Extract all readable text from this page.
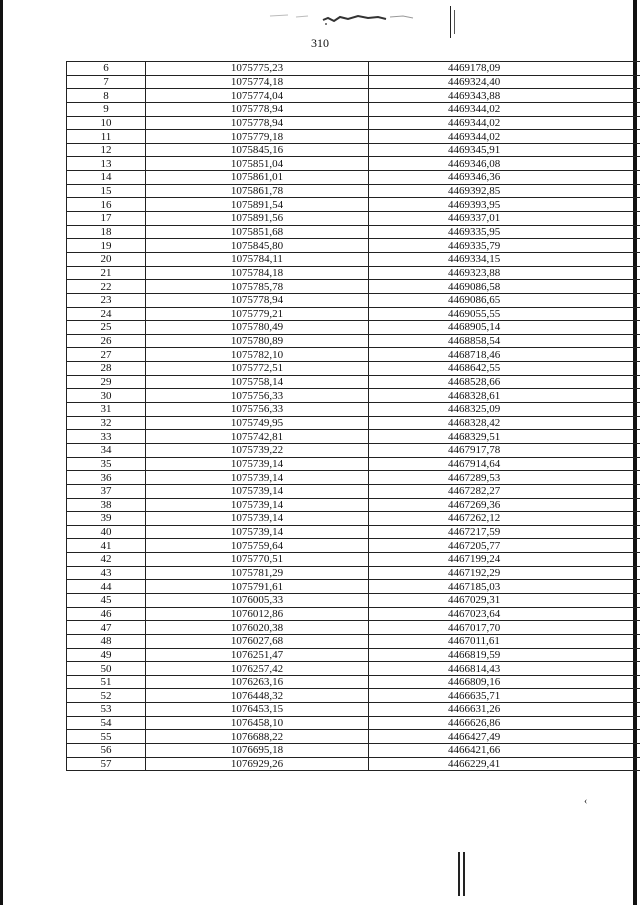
310
6	1075775,23	4469178,09
7	1075774,18	4469324,40
8	1075774,04	4469343,88
9	1075778,94	4469344,02
10	1075778,94	4469344,02
11	1075779,18	4469344,02
12	1075845,16	4469345,91
13	1075851,04	4469346,08
14	1075861,01	4469346,36
15	1075861,78	4469392,85
16	1075891,54	4469393,95
17	1075891,56	4469337,01
18	1075851,68	4469335,95
19	1075845,80	4469335,79
20	1075784,11	4469334,15
21	1075784,18	4469323,88
22	1075785,78	4469086,58
23	1075778,94	4469086,65
24	1075779,21	4469055,55
25	1075780,49	4468905,14
26	1075780,89	4468858,54
27	1075782,10	4468718,46
28	1075772,51	4468642,55
29	1075758,14	4468528,66
30	1075756,33	4468328,61
31	1075756,33	4468325,09
32	1075749,95	4468328,42
33	1075742,81	4468329,51
34	1075739,22	4467917,78
35	1075739,14	4467914,64
36	1075739,14	4467289,53
37	1075739,14	4467282,27
38	1075739,14	4467269,36
39	1075739,14	4467262,12
40	1075739,14	4467217,59
41	1075759,64	4467205,77
42	1075770,51	4467199,24
43	1075781,29	4467192,29
44	1075791,61	4467185,03
45	1076005,33	4467029,31
46	1076012,86	4467023,64
47	1076020,38	4467017,70
48	1076027,68	4467011,61
49	1076251,47	4466819,59
50	1076257,42	4466814,43
51	1076263,16	4466809,16
52	1076448,32	4466635,71
53	1076453,15	4466631,26
54	1076458,10	4466626,86
55	1076688,22	4466427,49
56	1076695,18	4466421,66
57	1076929,26	4466229,41
‹
